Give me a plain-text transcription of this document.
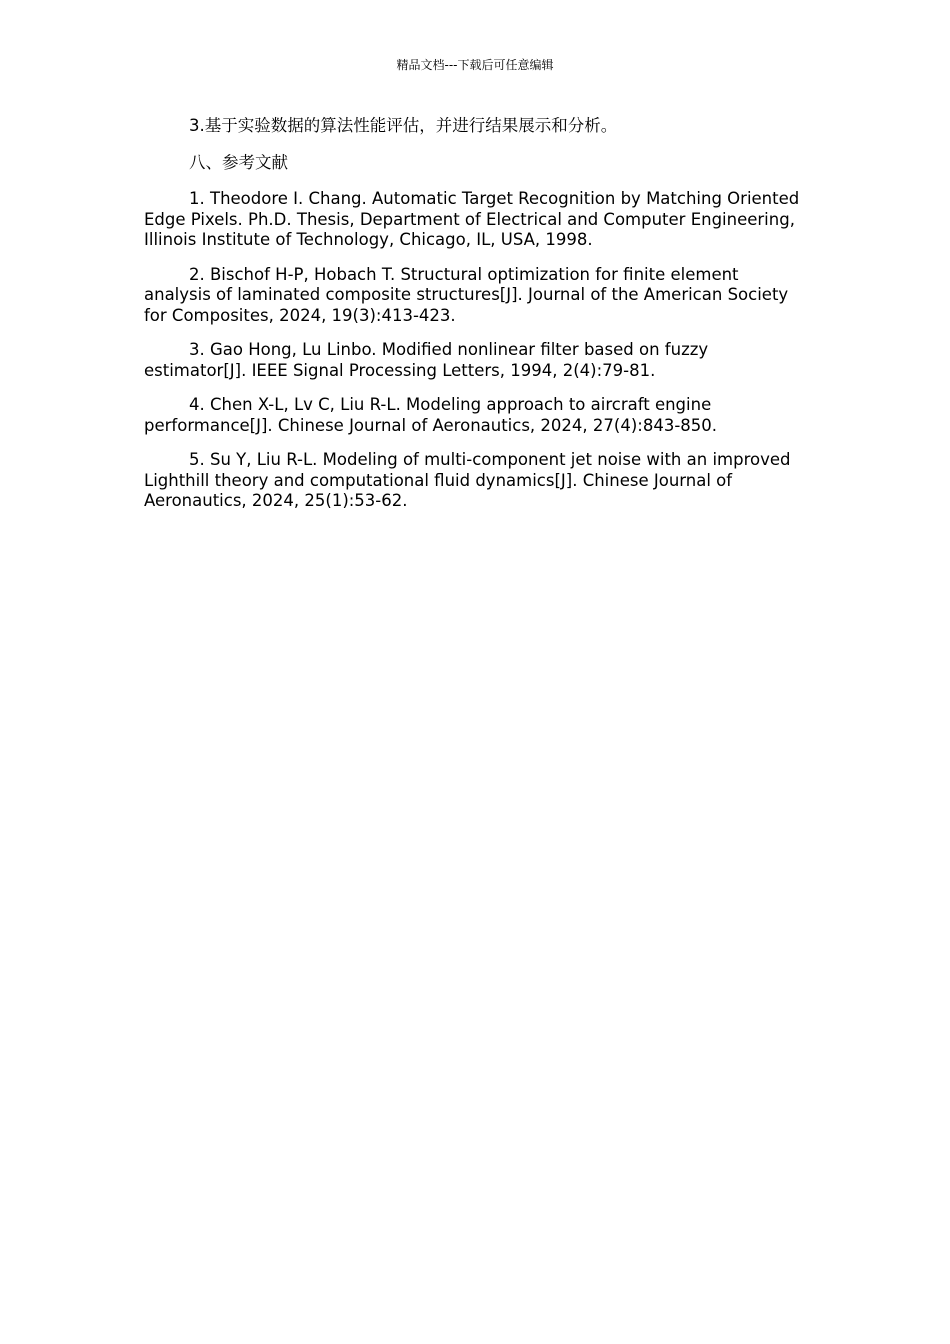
精品文档---下载后可任意编辑

3.基于实验数据的算法性能评估，并进行结果展示和分析。

八、参考文献

1. Theodore I. Chang. Automatic Target Recognition by Matching Oriented Edge Pixels. Ph.D. Thesis, Department of Electrical and Computer Engineering, Illinois Institute of Technology, Chicago, IL, USA, 1998.

2. Bischof H-P, Hobach T. Structural optimization for finite element analysis of laminated composite structures[J]. Journal of the American Society for Composites, 2024, 19(3):413-423.

3. Gao Hong, Lu Linbo. Modified nonlinear filter based on fuzzy estimator[J]. IEEE Signal Processing Letters, 1994, 2(4):79-81.

4. Chen X-L, Lv C, Liu R-L. Modeling approach to aircraft engine performance[J]. Chinese Journal of Aeronautics, 2024, 27(4):843-850.

5. Su Y, Liu R-L. Modeling of multi-component jet noise with an improved Lighthill theory and computational fluid dynamics[J]. Chinese Journal of Aeronautics, 2024, 25(1):53-62.
